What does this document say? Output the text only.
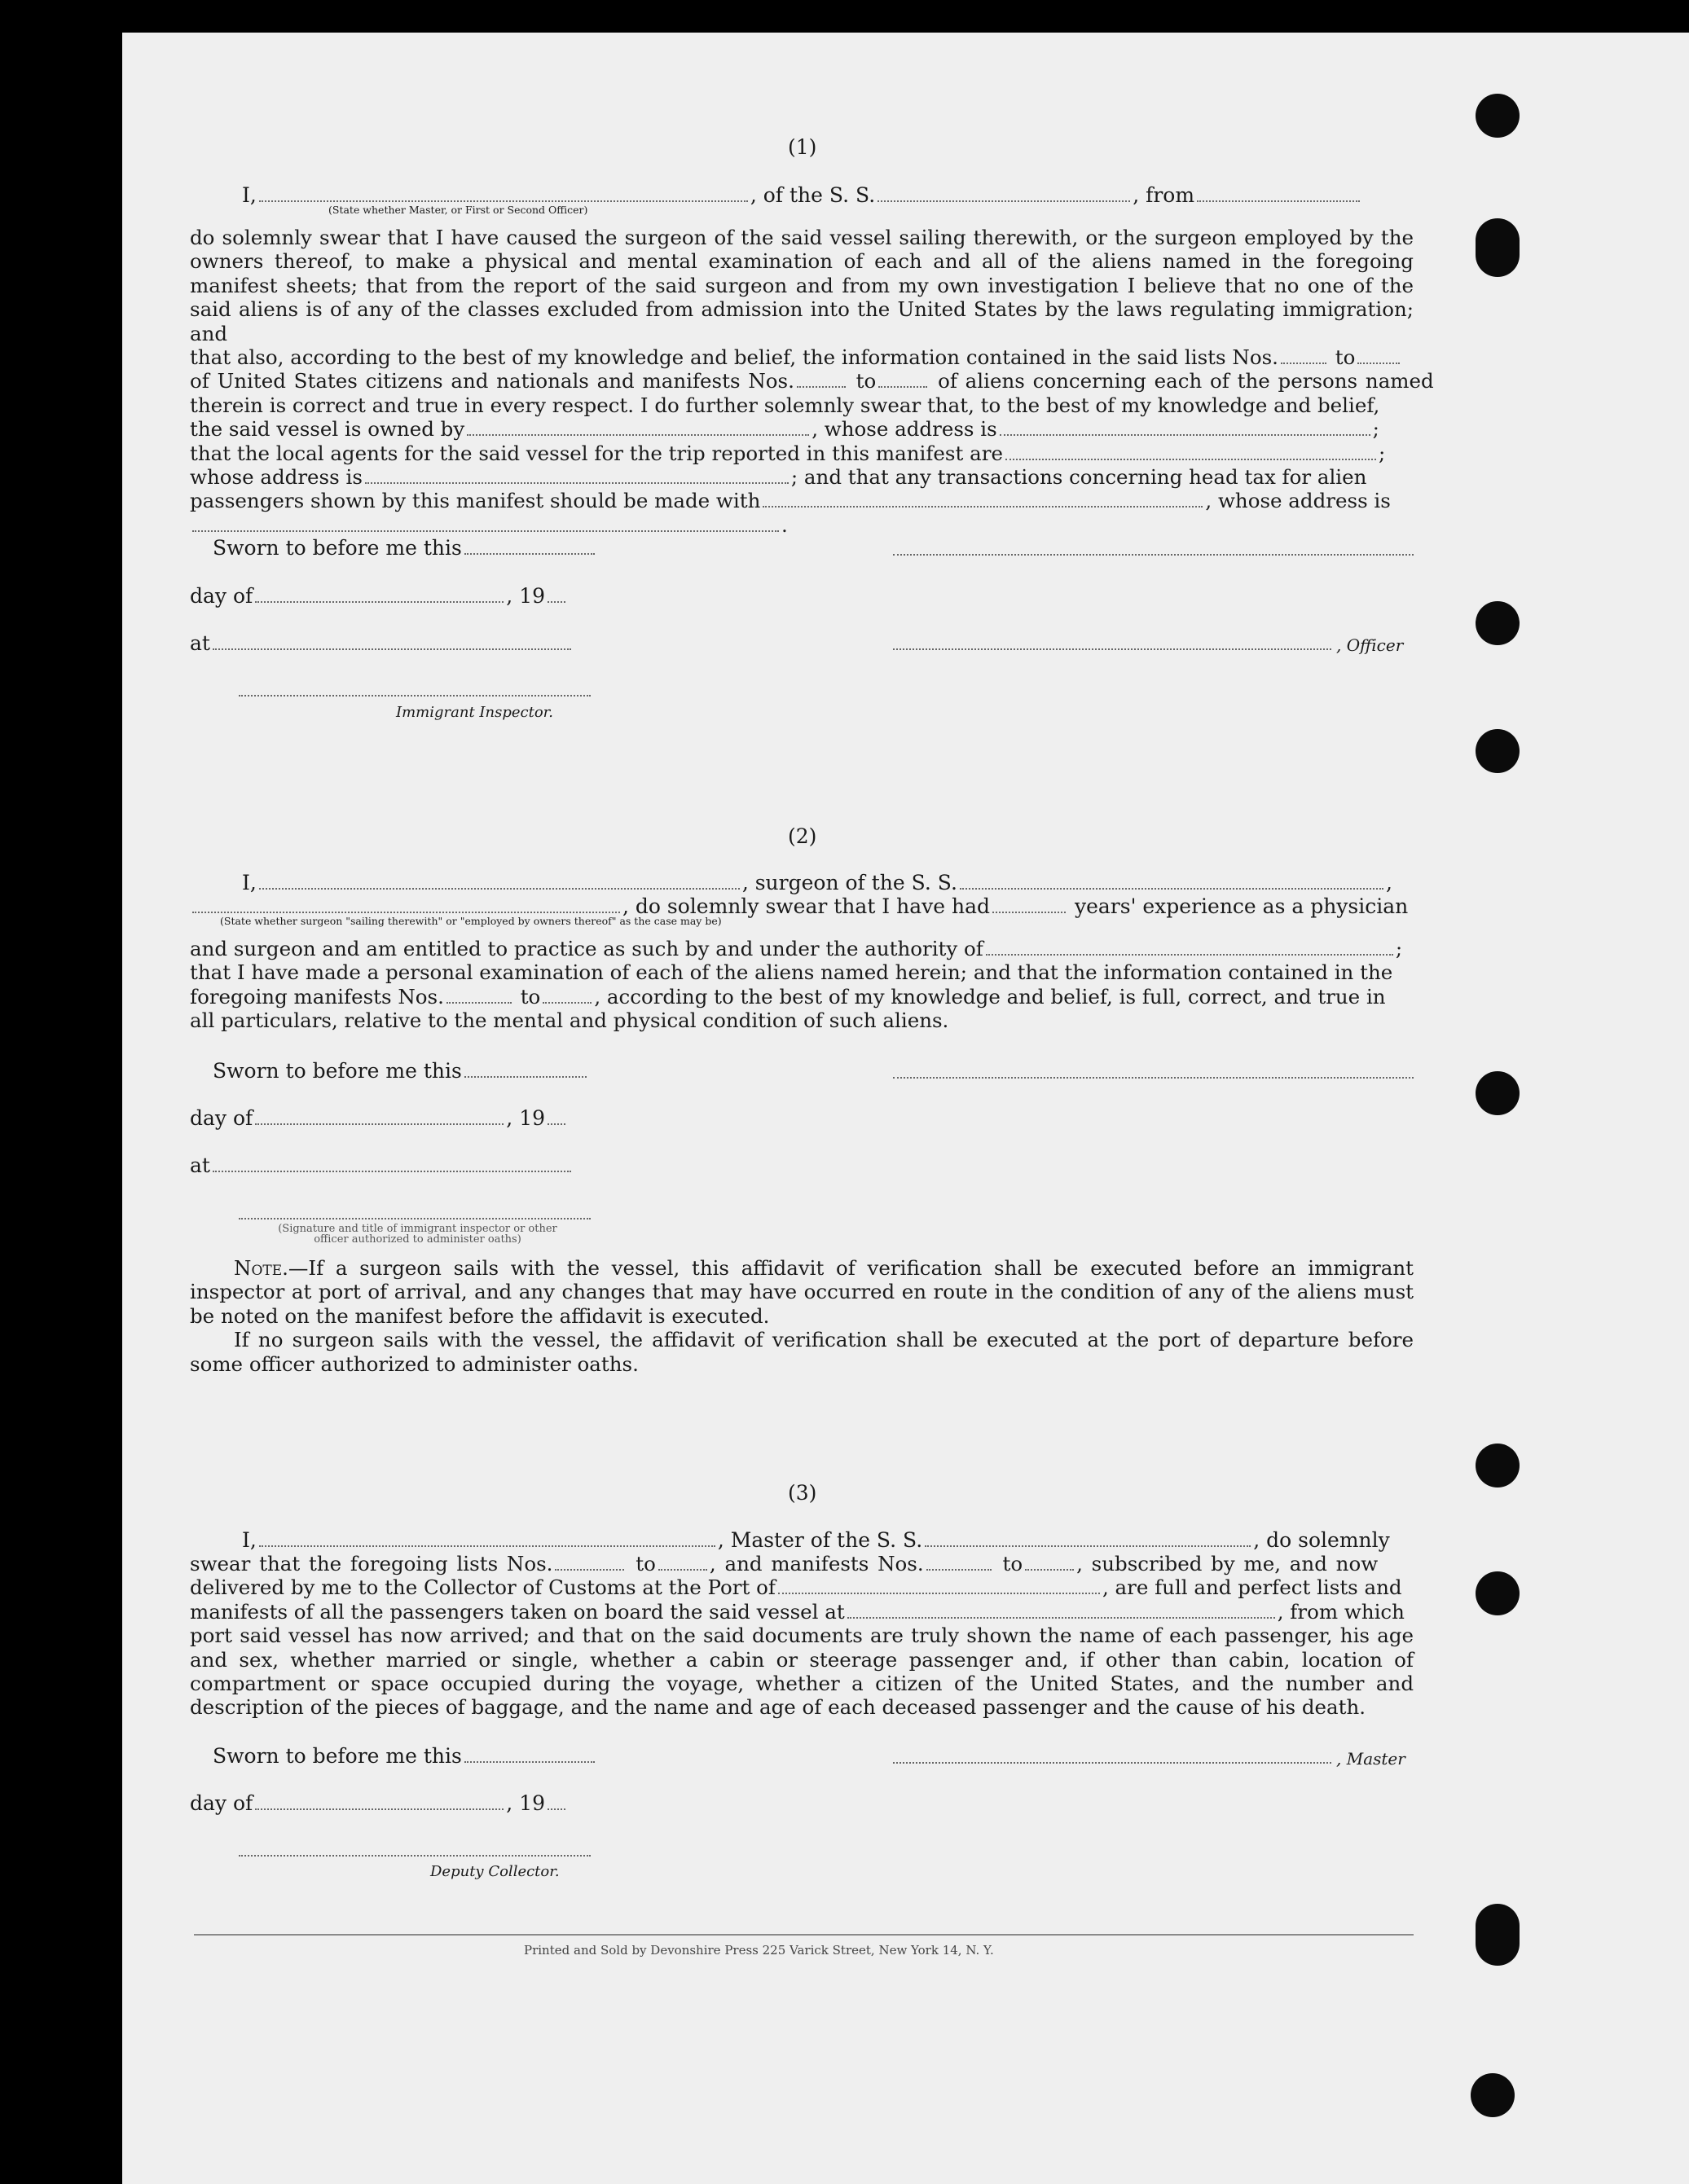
(1)
I,	, of the S. S.	, from
(State whether Master, or First or Second Officer)

do solemnly swear that I have caused the surgeon of the said vessel sailing therewith, or the surgeon employed by the owners thereof, to make a physical and mental examination of each and all of the aliens named in the foregoing manifest sheets; that from the report of the said surgeon and from my own investigation I believe that no one of the said aliens is of any of the classes excluded from admission into the United States by the laws regulating immigration; and

that also, according to the best of my knowledge and belief, the information contained in the said lists Nos.	to

of United States citizens and nationals and manifests Nos.	to	of aliens concerning each of the persons named

therein is correct and true in every respect. I do further solemnly swear that, to the best of my knowledge and belief,

the said vessel is owned by	, whose address is	;

that the local agents for the said vessel for the trip reported in this manifest are	;

whose address is	; and that any transactions concerning head tax for alien

passengers shown by this manifest should be made with	, whose address is

.

Sworn to before me this
day of	, 19
at	, Officer
Immigrant Inspector.
(2)
I,	, surgeon of the S. S.	,
, do solemnly swear that I have had	years' experience as a physician
(State whether surgeon "sailing therewith" or "employed by owners thereof" as the case may be)

and surgeon and am entitled to practice as such by and under the authority of	;

that I have made a personal examination of each of the aliens named herein; and that the information contained in the

foregoing manifests Nos.	to	, according to the best of my knowledge and belief, is full, correct, and true in

all particulars, relative to the mental and physical condition of such aliens.

Sworn to before me this
day of	, 19
at
(Signature and title of immigrant inspector or other officer authorized to administer oaths)

Note.—If a surgeon sails with the vessel, this affidavit of verification shall be executed before an immigrant inspector at port of arrival, and any changes that may have occurred en route in the condition of any of the aliens must be noted on the manifest before the affidavit is executed.

If no surgeon sails with the vessel, the affidavit of verification shall be executed at the port of departure before some officer authorized to administer oaths.

(3)
I,	, Master of the S. S.	, do solemnly

swear that the foregoing lists Nos.	to	, and manifests Nos.	to	, subscribed by me, and now

delivered by me to the Collector of Customs at the Port of	, are full and perfect lists and

manifests of all the passengers taken on board the said vessel at	, from which

port said vessel has now arrived; and that on the said documents are truly shown the name of each passenger, his age and sex, whether married or single, whether a cabin or steerage passenger and, if other than cabin, location of compartment or space occupied during the voyage, whether a citizen of the United States, and the number and description of the pieces of baggage, and the name and age of each deceased passenger and the cause of his death.

Sworn to before me this	, Master
day of	, 19
Deputy Collector.
Printed and Sold by Devonshire Press 225 Varick Street, New York 14, N. Y.
